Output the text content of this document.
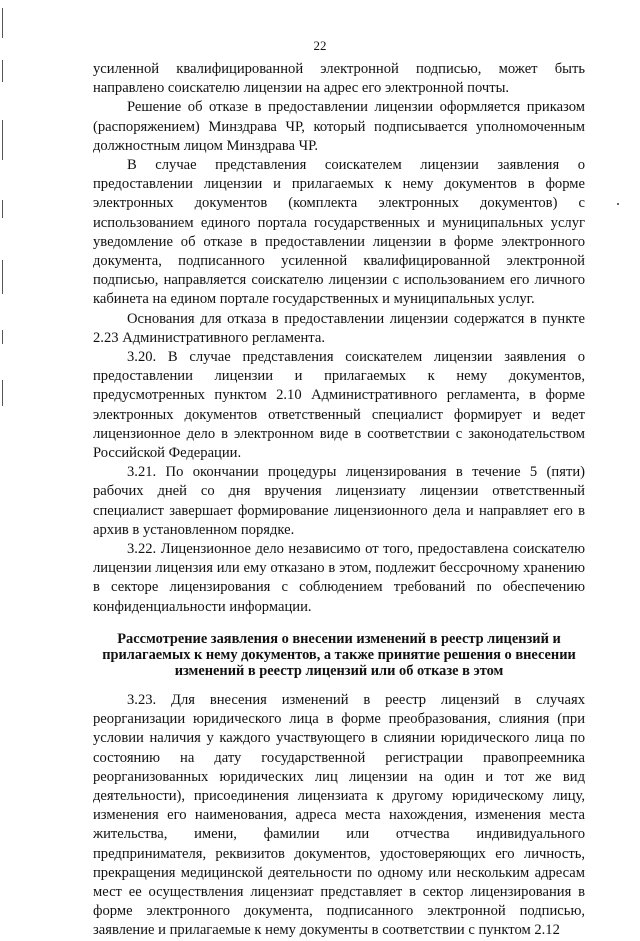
22

усиленной квалифицированной электронной подписью, может быть направлено соискателю лицензии на адрес его электронной почты.

Решение об отказе в предоставлении лицензии оформляется приказом (распоряжением) Минздрава ЧР, который подписывается уполномоченным должностным лицом Минздрава ЧР.

В случае представления соискателем лицензии заявления о предоставлении лицензии и прилагаемых к нему документов в форме электронных документов (комплекта электронных документов) с использованием единого портала государственных и муниципальных услуг уведомление об отказе в предоставлении лицензии в форме электронного документа, подписанного усиленной квалифицированной электронной подписью, направляется соискателю лицензии с использованием его личного кабинета на едином портале государственных и муниципальных услуг.

Основания для отказа в предоставлении лицензии содержатся в пункте 2.23 Административного регламента.

3.20. В случае представления соискателем лицензии заявления о предоставлении лицензии и прилагаемых к нему документов, предусмотренных пунктом 2.10 Административного регламента, в форме электронных документов ответственный специалист формирует и ведет лицензионное дело в электронном виде в соответствии с законодательством Российской Федерации.

3.21. По окончании процедуры лицензирования в течение 5 (пяти) рабочих дней со дня вручения лицензиату лицензии ответственный специалист завершает формирование лицензионного дела и направляет его в архив в установленном порядке.

3.22. Лицензионное дело независимо от того, предоставлена соискателю лицензии лицензия или ему отказано в этом, подлежит бессрочному хранению в секторе лицензирования с соблюдением требований по обеспечению конфиденциальности информации.

Рассмотрение заявления о внесении изменений в реестр лицензий и прилагаемых к нему документов, а также принятие решения о внесении изменений в реестр лицензий или об отказе в этом

3.23. Для внесения изменений в реестр лицензий в случаях реорганизации юридического лица в форме преобразования, слияния (при условии наличия у каждого участвующего в слиянии юридического лица по состоянию на дату государственной регистрации правопреемника реорганизованных юридических лиц лицензии на один и тот же вид деятельности), присоединения лицензиата к другому юридическому лицу, изменения его наименования, адреса места нахождения, изменения места жительства, имени, фамилии или отчества индивидуального предпринимателя, реквизитов документов, удостоверяющих его личность, прекращения медицинской деятельности по одному или нескольким адресам мест ее осуществления лицензиат представляет в сектор лицензирования в форме электронного документа, подписанного электронной подписью, заявление и прилагаемые к нему документы в соответствии с пунктом 2.12
